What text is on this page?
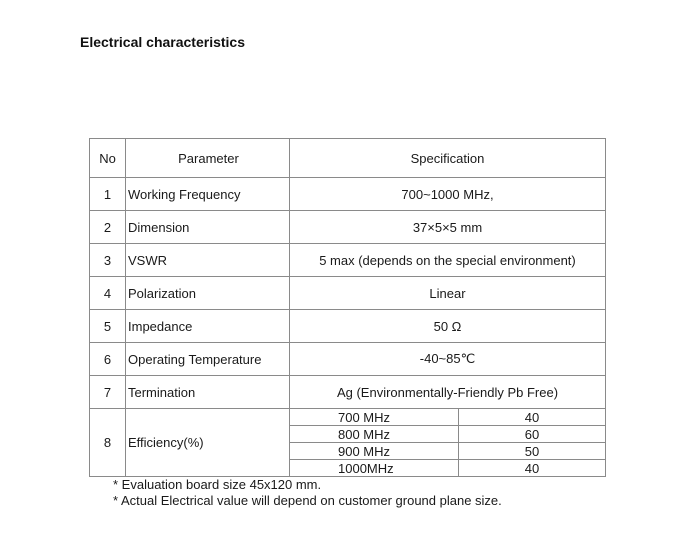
Electrical characteristics
No	Parameter	Specification
1	Working Frequency	700~1000 MHz,
2	Dimension	37×5×5 mm
3	VSWR	5 max (depends on the special environment)
4	Polarization	Linear
5	Impedance	50 Ω
6	Operating Temperature	-40~85℃
7	Termination	Ag (Environmentally-Friendly Pb Free)
8	Efficiency(%)	
700 MHz	40
800 MHz	60
900 MHz	50
1000MHz	40
* Evaluation board size 45x120 mm.
* Actual Electrical value will depend on customer ground plane size.
